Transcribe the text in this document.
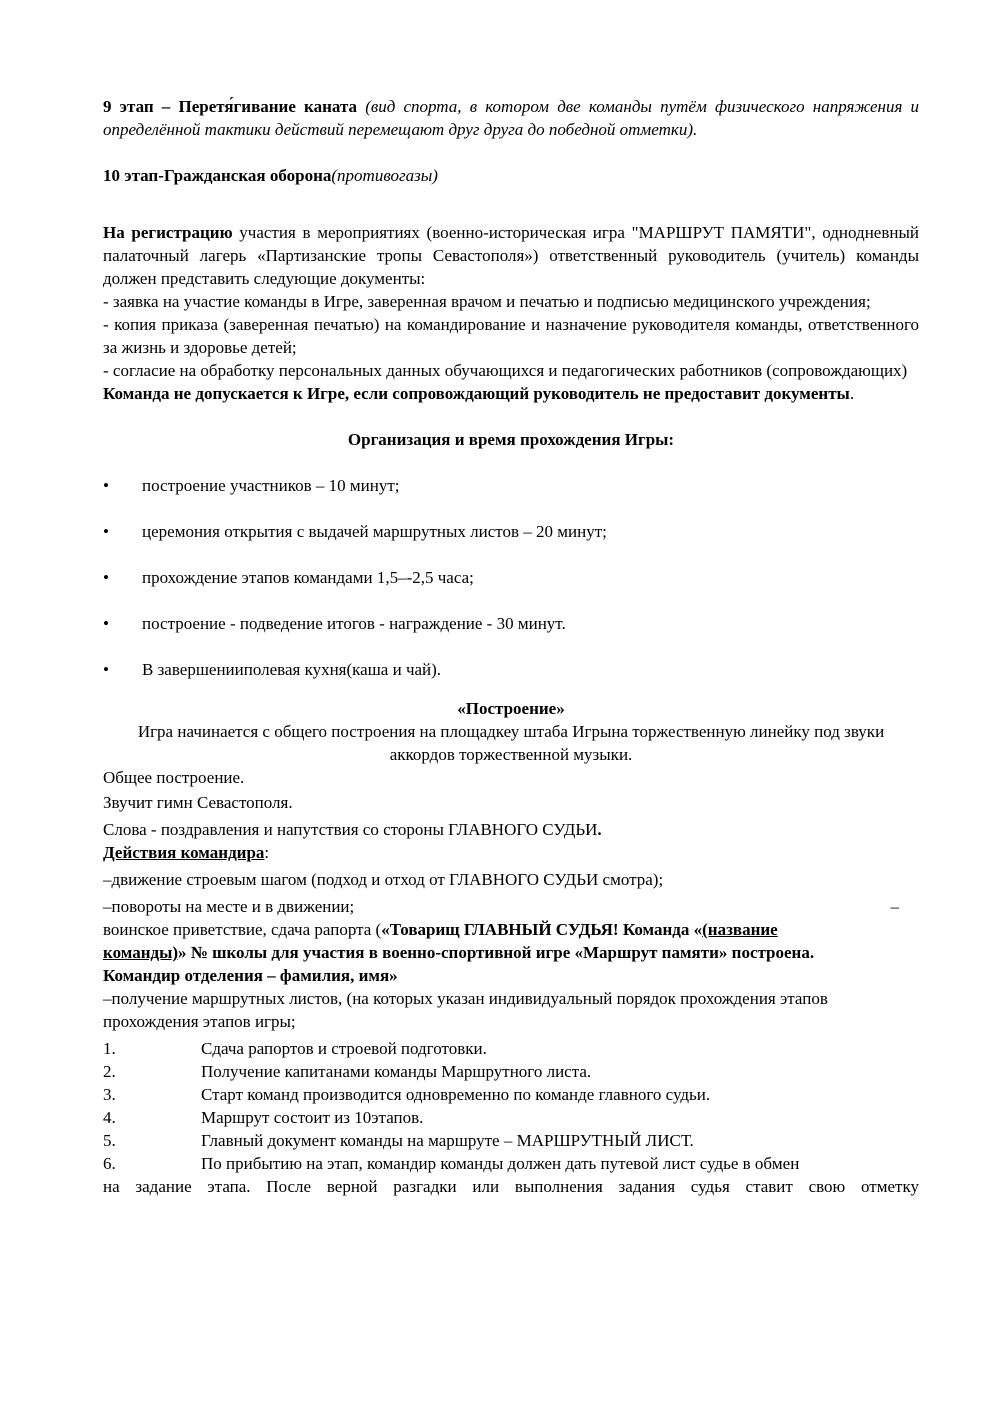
9 этап – Перетя́гивание каната (вид спорта, в котором две команды путём физического напряжения и определённой тактики действий перемещают друг друга до победной отметки).

10 этап-Гражданская оборона(противогазы)

На регистрацию участия в мероприятиях (военно-историческая игра "МАРШРУТ ПАМЯТИ", однодневный палаточный лагерь «Партизанские тропы Севастополя») ответственный руководитель (учитель) команды должен представить следующие документы:

- заявка на участие команды в Игре, заверенная врачом и печатью и подписью медицинского учреждения;

- копия приказа (заверенная печатью) на командирование и назначение руководителя команды, ответственного за жизнь и здоровье детей;

- согласие на обработку персональных данных обучающихся и педагогических работников (сопровождающих)

Команда не допускается к Игре, если сопровождающий руководитель не предоставит документы.

Организация и время прохождения Игры:

• построение участников – 10 минут;
• церемония открытия с выдачей маршрутных листов – 20 минут;
• прохождение этапов командами 1,5–-2,5 часа;
• построение - подведение итогов - награждение - 30 минут.
• В завершенииполевая кухня(каша и чай).

«Построение»

Игра начинается с общего построения на площадкеу штаба Игрына торжественную линейку под звуки аккордов торжественной музыки.

Общее построение.

Звучит гимн Севастополя.

Слова - поздравления и напутствия со стороны ГЛАВНОГО СУДЬИ.

Действия командира:

–движение строевым шагом (подход и отход от ГЛАВНОГО СУДЬИ смотра);

–повороты на месте и в движении;	–

воинское приветствие, сдача рапорта («Товарищ ГЛАВНЫЙ СУДЬЯ! Команда «(название команды)» № школы для участия в военно-спортивной игре «Маршрут памяти» построена. Командир отделения – фамилия, имя»

–получение маршрутных листов, (на которых указан индивидуальный порядок прохождения этапов прохождения этапов игры;

1.	Сдача рапортов и строевой подготовки.
2.	Получение капитанами команды Маршрутного листа.
3.	Старт команд производится одновременно по команде главного судьи.
4.	Маршрут состоит из 10этапов.
5.	Главный документ команды на маршруте – МАРШРУТНЫЙ ЛИСТ.
6.	По прибытию на этап, командир команды должен дать путевой лист судье в обмен

на задание этапа. После верной разгадки или выполнения задания судья ставит свою отметку
